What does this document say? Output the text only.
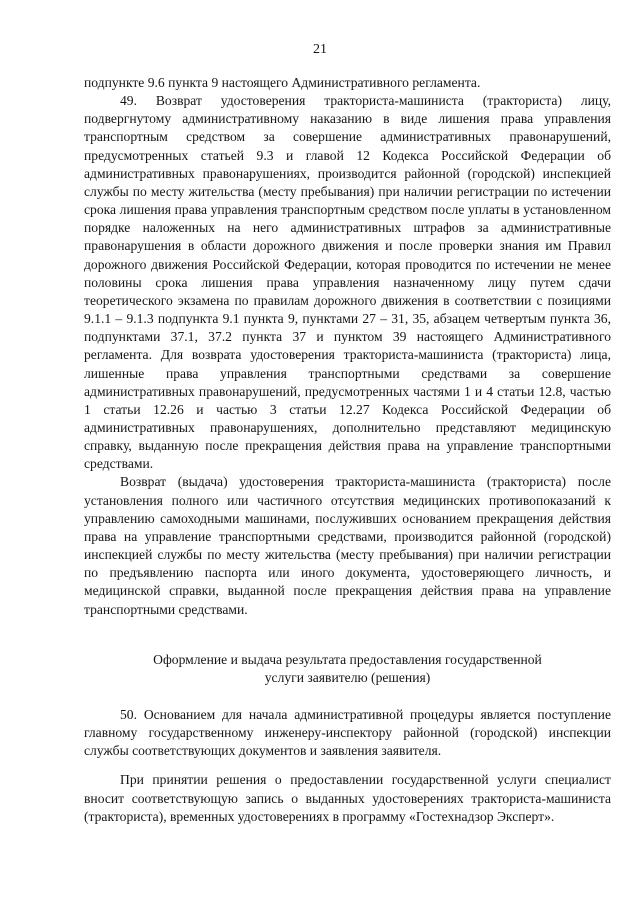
21

подпункте 9.6 пункта 9 настоящего Административного регламента.

49. Возврат удостоверения тракториста-машиниста (тракториста) лицу, подвергнутому административному наказанию в виде лишения права управления транспортным средством за совершение административных правонарушений, предусмотренных статьей 9.3 и главой 12 Кодекса Российской Федерации об административных правонарушениях, производится районной (городской) инспекцией службы по месту жительства (месту пребывания) при наличии регистрации по истечении срока лишения права управления транспортным средством после уплаты в установленном порядке наложенных на него административных штрафов за административные правонарушения в области дорожного движения и после проверки знания им Правил дорожного движения Российской Федерации, которая проводится по истечении не менее половины срока лишения права управления назначенному лицу путем сдачи теоретического экзамена по правилам дорожного движения в соответствии с позициями 9.1.1 – 9.1.3 подпункта 9.1 пункта 9, пунктами 27 – 31, 35, абзацем четвертым пункта 36, подпунктами 37.1, 37.2 пункта 37 и пунктом 39 настоящего Административного регламента. Для возврата удостоверения тракториста-машиниста (тракториста) лица, лишенные права управления транспортными средствами за совершение административных правонарушений, предусмотренных частями 1 и 4 статьи 12.8, частью 1 статьи 12.26 и частью 3 статьи 12.27 Кодекса Российской Федерации об административных правонарушениях, дополнительно представляют медицинскую справку, выданную после прекращения действия права на управление транспортными средствами.

Возврат (выдача) удостоверения тракториста-машиниста (тракториста) после установления полного или частичного отсутствия медицинских противопоказаний к управлению самоходными машинами, послуживших основанием прекращения действия права на управление транспортными средствами, производится районной (городской) инспекцией службы по месту жительства (месту пребывания) при наличии регистрации по предъявлению паспорта или иного документа, удостоверяющего личность, и медицинской справки, выданной после прекращения действия права на управление транспортными средствами.

Оформление и выдача результата предоставления государственной
услуги заявителю (решения)

50. Основанием для начала административной процедуры является поступление главному государственному инженеру-инспектору районной (городской) инспекции службы соответствующих документов и заявления заявителя.

При принятии решения о предоставлении государственной услуги специалист вносит соответствующую запись о выданных удостоверениях тракториста-машиниста (тракториста), временных удостоверениях в программу «Гостехнадзор Эксперт».
